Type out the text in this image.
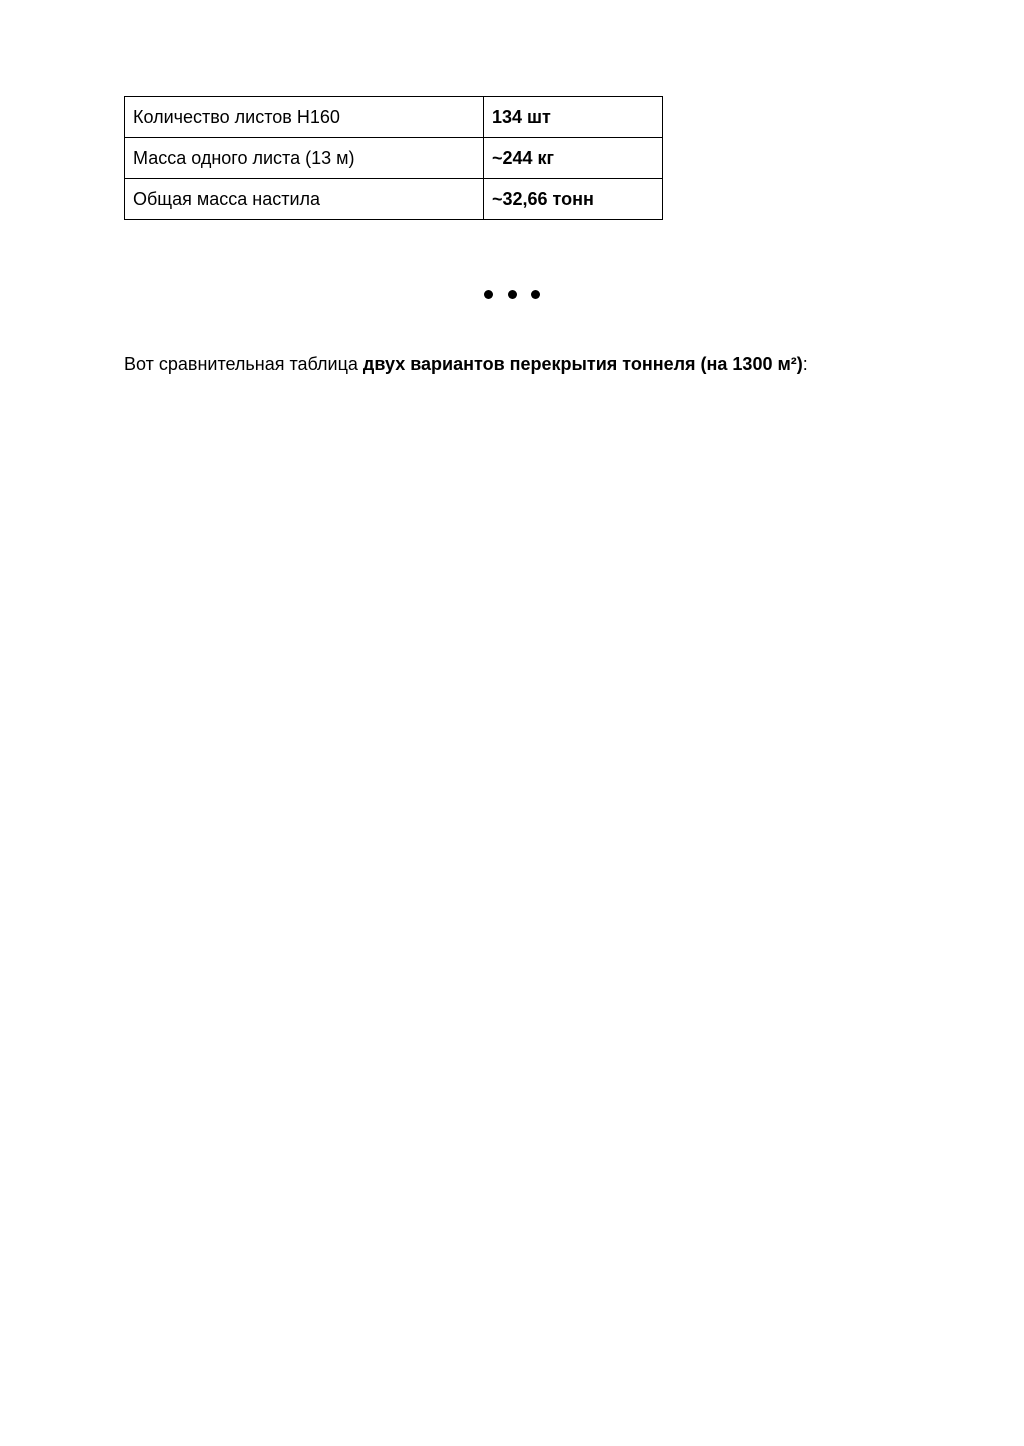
Количество листов Н160	134 шт
Масса одного листа (13 м)	~244 кг
Общая масса настила	~32,66 тонн

Вот сравнительная таблица двух вариантов перекрытия тоннеля (на 1300 м²):
